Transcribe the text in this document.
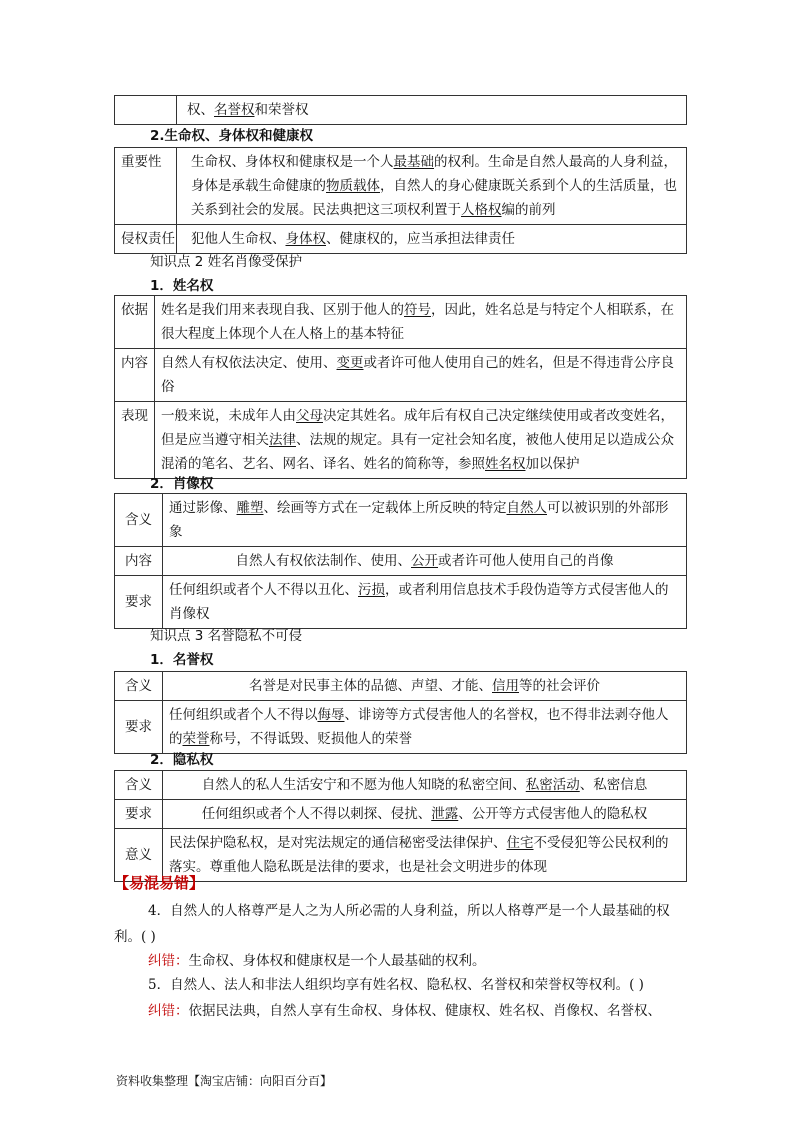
	权、名誉权和荣誉权
2.生命权、身体权和健康权
重要性	生命权、身体权和健康权是一个人最基础的权利。生命是自然人最高的人身利益，身体是承载生命健康的物质载体，自然人的身心健康既关系到个人的生活质量，也关系到社会的发展。民法典把这三项权利置于人格权编的前列
侵权责任	犯他人生命权、身体权、健康权的，应当承担法律责任
知识点 2 姓名肖像受保护
1．姓名权
依据	姓名是我们用来表现自我、区别于他人的符号，因此，姓名总是与特定个人相联系，在很大程度上体现个人在人格上的基本特征
内容	自然人有权依法决定、使用、变更或者许可他人使用自己的姓名，但是不得违背公序良俗
表现	一般来说，未成年人由父母决定其姓名。成年后有权自己决定继续使用或者改变姓名，但是应当遵守相关法律、法规的规定。具有一定社会知名度，被他人使用足以造成公众混淆的笔名、艺名、网名、译名、姓名的简称等，参照姓名权加以保护
2．肖像权
含义	通过影像、雕塑、绘画等方式在一定载体上所反映的特定自然人可以被识别的外部形象
内容	自然人有权依法制作、使用、公开或者许可他人使用自己的肖像
要求	任何组织或者个人不得以丑化、污损，或者利用信息技术手段伪造等方式侵害他人的肖像权
知识点 3 名誉隐私不可侵
1．名誉权
含义	名誉是对民事主体的品德、声望、才能、信用等的社会评价
要求	任何组织或者个人不得以侮辱、诽谤等方式侵害他人的名誉权，也不得非法剥夺他人的荣誉称号，不得诋毁、贬损他人的荣誉
2．隐私权
含义	自然人的私人生活安宁和不愿为他人知晓的私密空间、私密活动、私密信息
要求	任何组织或者个人不得以刺探、侵扰、泄露、公开等方式侵害他人的隐私权
意义	民法保护隐私权，是对宪法规定的通信秘密受法律保护、住宅不受侵犯等公民权利的落实。尊重他人隐私既是法律的要求，也是社会文明进步的体现
【易混易错】
4．自然人的人格尊严是人之为人所必需的人身利益，所以人格尊严是一个人最基础的权利。( )
纠错：生命权、身体权和健康权是一个人最基础的权利。
5．自然人、法人和非法人组织均享有姓名权、隐私权、名誉权和荣誉权等权利。( )
纠错：依据民法典，自然人享有生命权、身体权、健康权、姓名权、肖像权、名誉权、
资料收集整理【淘宝店铺：向阳百分百】
